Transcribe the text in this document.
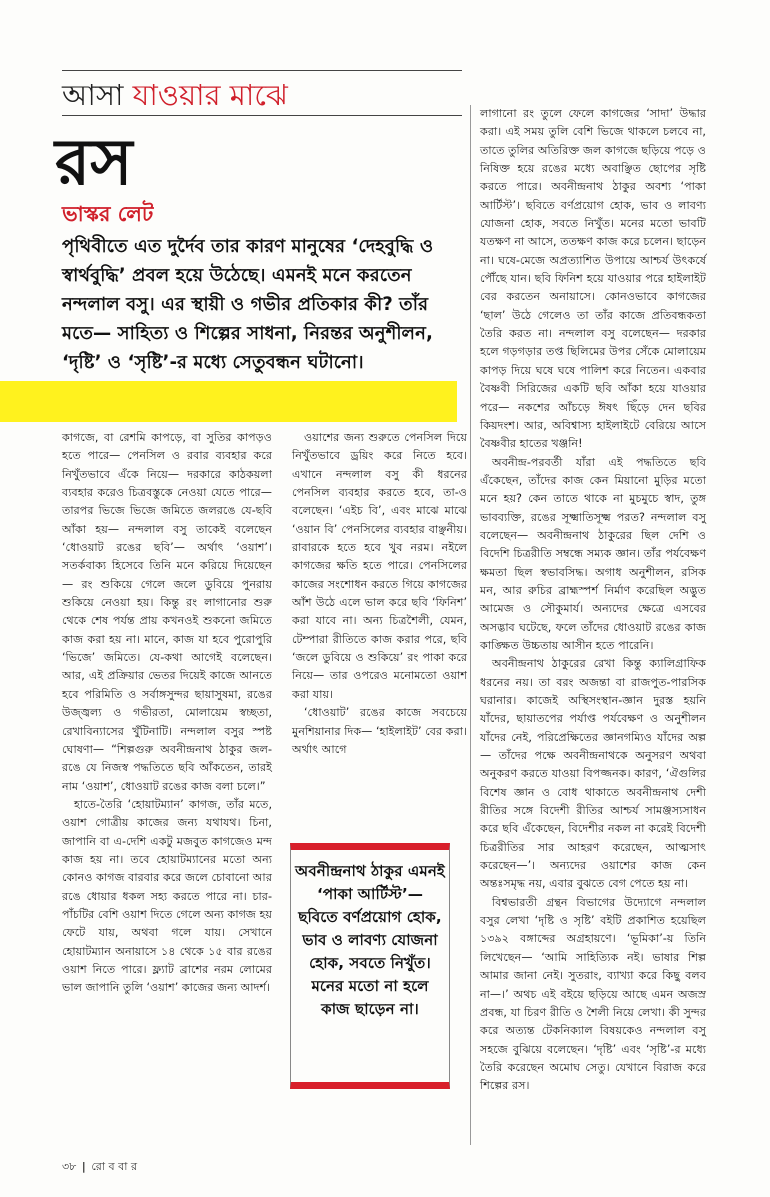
আসা যাওয়ার মাঝে
রস
ভাস্কর লেট
পৃথিবীতে এত দুর্দৈব তার কারণ মানুষের ‘দেহবুদ্ধি ও স্বার্থবুদ্ধি’ প্রবল হয়ে উঠেছে। এমনই মনে করতেন নন্দলাল বসু। এর স্থায়ী ও গভীর প্রতিকার কী? তাঁর মতে— সাহিত্য ও শিল্পের সাধনা, নিরন্তর অনুশীলন, ‘দৃষ্টি’ ও ‘সৃষ্টি’-র মধ্যে সেতুবন্ধন ঘটানো।

কাগজে, বা রেশমি কাপড়ে, বা সুতির কাপড়ও হতে পারে— পেনসিল ও রবার ব্যবহার করে নিখুঁতভাবে এঁকে নিয়ে— দরকারে কাঠকয়লা ব্যবহার করেও চিত্রবস্তুকে নেওয়া যেতে পারে— তারপর ভিজে ভিজে জমিতে জলরঙে যে-ছবি আঁকা হয়— নন্দলাল বসু তাকেই বলেছেন ‘ধোওয়াট রঙের ছবি’— অর্থাৎ ‘ওয়াশ’। সতর্কবাক্য হিসেবে তিনি মনে করিয়ে দিয়েছেন— রং শুকিয়ে গেলে জলে ডুবিয়ে পুনরায় শুকিয়ে নেওয়া হয়। কিন্তু রং লাগানোর শুরু থেকে শেষ পর্যন্ত প্রায় কখনওই শুকনো জমিতে কাজ করা হয় না। মানে, কাজ যা হবে পুরোপুরি ‘ভিজে’ জমিতে। যে-কথা আগেই বলেছেন। আর, এই প্রক্রিয়ার ভেতর দিয়েই কাজে আনতে হবে পরিমিতি ও সর্বাঙ্গসুন্দর ছায়াসুষমা, রঙের উজ্জ্বল্য ও গভীরতা, মোলায়েম স্বচ্ছতা, রেখাবিন্যাসের খুঁটিনাটি। নন্দলাল বসুর স্পষ্ট ঘোষণা— “শিল্পগুরু অবনীন্দ্রনাথ ঠাকুর জল-রঙে যে নিজস্ব পদ্ধতিতে ছবি আঁকতেন, তারই নাম ‘ওয়াশ’, ধোওয়াট রঙের কাজ বলা চলে।”

হাতে-তৈরি ‘হোয়াটম্যান’ কাগজ, তাঁর মতে, ওয়াশ গোত্রীয় কাজের জন্য যথাযথ। চিনা, জাপানি বা এ-দেশি একটু মজবুত কাগজেও মন্দ কাজ হয় না। তবে হোয়াটম্যানের মতো অন্য কোনও কাগজ বারবার করে জলে চোবানো আর রঙে ধোয়ার ধকল সহ্য করতে পারে না। চার-পাঁচটির বেশি ওয়াশ দিতে গেলে অন্য কাগজ হয় ফেটে যায়, অথবা গলে যায়। সেখানে হোয়াটম্যান অনায়াসে ১৪ থেকে ১৫ বার রঙের ওয়াশ নিতে পারে। ফ্ল্যাট ব্রাশের নরম লোমের ভাল জাপানি তুলি ‘ওয়াশ’ কাজের জন্য আদর্শ।

ওয়াশের জন্য শুরুতে পেনসিল দিয়ে নিখুঁতভাবে ড্রয়িং করে নিতে হবে। এখানে নন্দলাল বসু কী ধরনের পেনসিল ব্যবহার করতে হবে, তা-ও বলেছেন। ‘এইচ বি’, এবং মাঝে মাঝে ‘ওয়ান বি’ পেনসিলের ব্যবহার বাঞ্ছনীয়। রাবারকে হতে হবে খুব নরম। নইলে কাগজের ক্ষতি হতে পারে। পেনসিলের কাজের সংশোধন করতে গিয়ে কাগজের আঁশ উঠে এলে ভাল করে ছবি ‘ফিনিশ’ করা যাবে না। অন্য চিত্রশৈলী, যেমন, টেম্পারা রীতিতে কাজ করার পরে, ছবি ‘জলে ডুবিয়ে ও শুকিয়ে’ রং পাকা করে নিয়ে— তার ওপরেও মনোমতো ওয়াশ করা যায়।

‘ধোওয়াট’ রঙের কাজে সবচেয়ে মুনশিয়ানার দিক— ‘হাইলাইট’ বের করা। অর্থাৎ আগে

অবনীন্দ্রনাথ ঠাকুর এমনই ‘পাকা আর্টিস্ট’— ছবিতে বর্ণপ্রয়োগ হোক, ভাব ও লাবণ্য যোজনা হোক, সবতে নিখুঁত। মনের মতো না হলে কাজ ছাড়েন না।

লাগানো রং তুলে ফেলে কাগজের ‘সাদা’ উদ্ধার করা। এই সময় তুলি বেশি ভিজে থাকলে চলবে না, তাতে তুলির অতিরিক্ত জল কাগজে ছড়িয়ে পড়ে ও নিষিক্ত হয়ে রঙের মধ্যে অবাঞ্ছিত ছোপের সৃষ্টি করতে পারে। অবনীন্দ্রনাথ ঠাকুর অবশ্য ‘পাকা আর্টিস্ট’। ছবিতে বর্ণপ্রয়োগ হোক, ভাব ও লাবণ্য যোজনা হোক, সবতে নিখুঁত। মনের মতো ভাবটি যতক্ষণ না আসে, ততক্ষণ কাজ করে চলেন। ছাড়েন না। ঘষে-মেজে অপ্রত্যাশিত উপায়ে আশ্চর্য উৎকর্ষে পৌঁছে যান। ছবি ফিনিশ হয়ে যাওয়ার পরে হাইলাইট বের করতেন অনায়াসে। কোনওভাবে কাগজের ‘ছাল’ উঠে গেলেও তা তাঁর কাজে প্রতিবন্ধকতা তৈরি করত না। নন্দলাল বসু বলেছেন— দরকার হলে গড়গড়ার তপ্ত ছিলিমের উপর সেঁকে মোলায়েম কাপড় দিয়ে ঘষে ঘষে পালিশ করে নিতেন। একবার বৈষ্ণবী সিরিজের একটি ছবি আঁকা হয়ে যাওয়ার পরে— নকশের আঁচড়ে ঈষৎ ছিঁড়ে দেন ছবির কিয়দংশ। আর, অবিশ্বাস্য হাইলাইটে বেরিয়ে আসে বৈষ্ণবীর হাতের খঞ্জনি!

অবনীন্দ্র-পরবর্তী যাঁরা এই পদ্ধতিতে ছবি এঁকেছেন, তাঁদের কাজ কেন মিয়ানো মুড়ির মতো মনে হয়? কেন তাতে থাকে না মুচমুচে স্বাদ, তুঙ্গ ভাবব্যক্তি, রঙের সূক্ষ্মাতিসূক্ষ্ম পরত? নন্দলাল বসু বলেছেন— অবনীন্দ্রনাথ ঠাকুরের ছিল দেশি ও বিদেশি চিত্ররীতি সম্বন্ধে সম্যক জ্ঞান। তাঁর পর্যবেক্ষণ ক্ষমতা ছিল স্বভাবসিদ্ধ। অগাধ অনুশীলন, রসিক মন, আর রুচির ব্রাহ্মস্পর্শ নির্মাণ করেছিল অদ্ভুত আমেজ ও সৌকুমার্য। অন্যদের ক্ষেত্রে এসবের অসদ্ভাব ঘটেছে, ফলে তাঁদের ধোওয়াট রঙের কাজ কাঙ্ক্ষিত উচ্চতায় আসীন হতে পারেনি।

অবনীন্দ্রনাথ ঠাকুরের রেখা কিন্তু ক্যালিগ্রাফিক ধরনের নয়। তা বরং অজন্তা বা রাজপুত-পারসিক ঘরানার। কাজেই অস্থিসংস্থান-জ্ঞান দুরস্ত হয়নি যাঁদের, ছায়াতপের পর্যাপ্ত পর্যবেক্ষণ ও অনুশীলন যাঁদের নেই, পরিপ্রেক্ষিতের জ্ঞানগম্যিও যাঁদের অল্প— তাঁদের পক্ষে অবনীন্দ্রনাথকে অনুসরণ অথবা অনুকরণ করতে যাওয়া বিপজ্জনক। কারণ, ‘ঐগুলির বিশেষ জ্ঞান ও বোধ থাকাতে অবনীন্দ্রনাথ দেশী রীতির সঙ্গে বিদেশী রীতির আশ্চর্য সামঞ্জস্যসাধন করে ছবি এঁকেছেন, বিদেশীর নকল না করেই বিদেশী চিত্ররীতির সার আহরণ করেছেন, আত্মসাৎ করেছেন—’। অন্যদের ওয়াশের কাজ কেন অন্তঃসমৃদ্ধ নয়, এবার বুঝতে বেগ পেতে হয় না।

বিশ্বভারতী গ্রন্থন বিভাগের উদ্যোগে নন্দলাল বসুর লেখা ‘দৃষ্টি ও সৃষ্টি’ বইটি প্রকাশিত হয়েছিল ১৩৯২ বঙ্গাব্দের অগ্রহায়ণে। ‘ভূমিকা’-য় তিনি লিখেছেন— ‘আমি সাহিত্যিক নই। ভাষার শিল্প আমার জানা নেই। সুতরাং, ব্যাখ্যা করে কিছু বলব না—।’ অথচ এই বইয়ে ছড়িয়ে আছে এমন অজস্র প্রবন্ধ, যা চিরণ রীতি ও শৈলী নিয়ে লেখা। কী সুন্দর করে অত্যন্ত টেকনিক্যাল বিষয়কেও নন্দলাল বসু সহজে বুঝিয়ে বলেছেন। ‘দৃষ্টি’ এবং ‘সৃষ্টি’-র মধ্যে তৈরি করেছেন অমোঘ সেতু। যেখানে বিরাজ করে শিল্পের রস।

৩৮ | রো ব বা র
